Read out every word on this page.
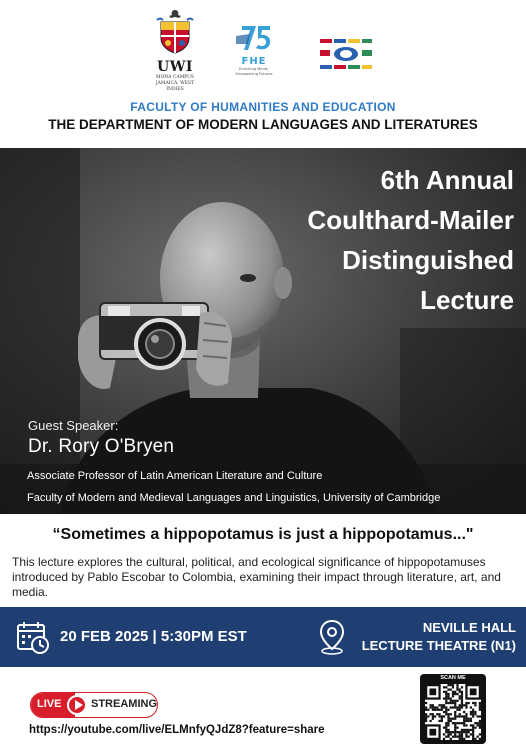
UWI
MONA CAMPUS JAMAICA, WEST INDIES
FHE
Enriching Minds, Empowering Futures
FACULTY OF HUMANITIES AND EDUCATION
THE DEPARTMENT OF MODERN LANGUAGES AND LITERATURES
6th Annual
Coulthard-Mailer
Distinguished
Lecture
Guest Speaker:
Dr. Rory O'Bryen
Associate Professor of Latin American Literature and Culture
Faculty of Modern and Medieval Languages and Linguistics, University of Cambridge
“Sometimes a hippopotamus is just a hippopotamus..."
This lecture explores the cultural, political, and ecological significance of hippopotamuses introduced by Pablo Escobar to Colombia, examining their impact through literature, art, and media.
20 FEB 2025 | 5:30PM EST
NEVILLE HALL
LECTURE THEATRE (N1)
LIVE	STREAMING
https://youtube.com/live/ELMnfyQJdZ8?feature=share
SCAN ME
